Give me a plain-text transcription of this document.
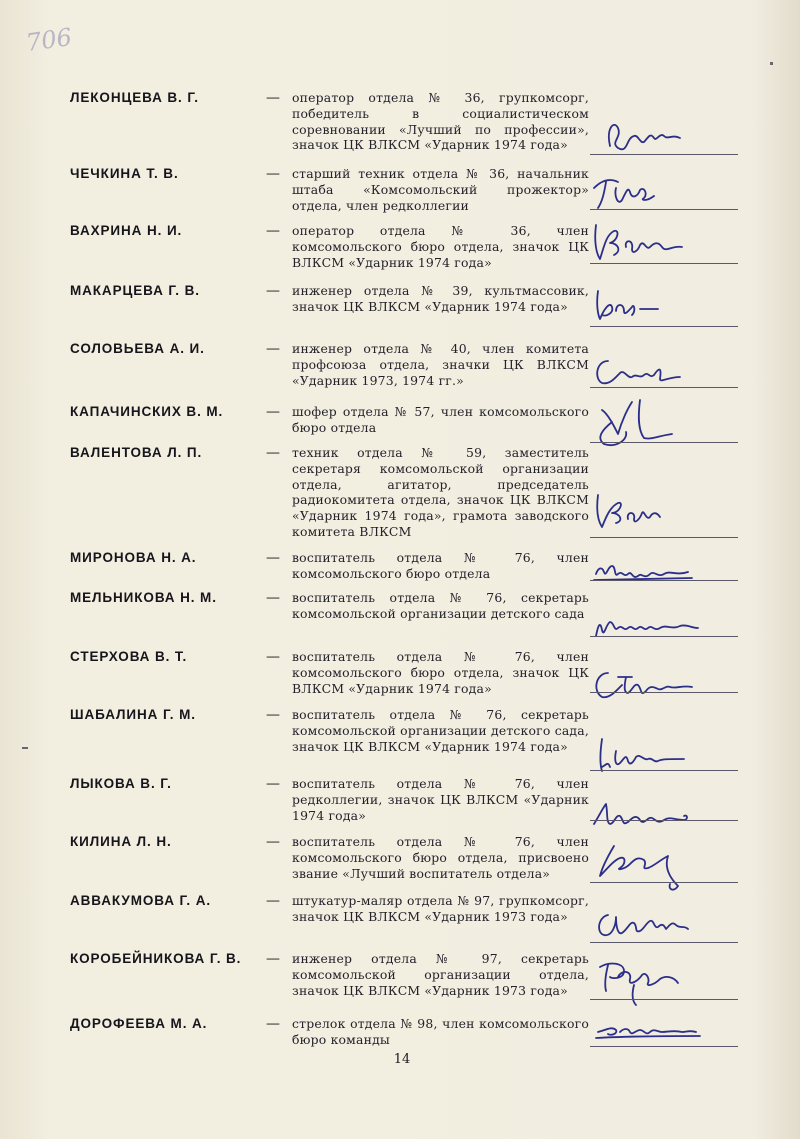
706
ЛЕКОНЦЕВА В. Г.	— оператор отдела № 36, групкомсорг, победитель в социалистическом соревновании «Лучший по профессии», значок ЦК ВЛКСМ «Ударник 1974 года»
ЧЕЧКИНА Т. В.	— старший техник отдела № 36, начальник штаба «Комсомольский прожектор» отдела, член редколлегии
ВАХРИНА Н. И.	— оператор отдела № 36, член комсомольского бюро отдела, значок ЦК ВЛКСМ «Ударник 1974 года»
МАКАРЦЕВА Г. В.	— инженер отдела № 39, культмассовик, значок ЦК ВЛКСМ «Ударник 1974 года»
СОЛОВЬЕВА А. И.	— инженер отдела № 40, член комитета профсоюза отдела, значки ЦК ВЛКСМ «Ударник 1973, 1974 гг.»
КАПАЧИНСКИХ В. М.	— шофер отдела № 57, член комсомольского бюро отдела
ВАЛЕНТОВА Л. П.	— техник отдела № 59, заместитель секретаря комсомольской организации отдела, агитатор, председатель радиокомитета отдела, значок ЦК ВЛКСМ «Ударник 1974 года», грамота заводского комитета ВЛКСМ
МИРОНОВА Н. А.	— воспитатель отдела № 76, член комсомольского бюро отдела
МЕЛЬНИКОВА Н. М.	— воспитатель отдела № 76, секретарь комсомольской организации детского сада
СТЕРХОВА В. Т.	— воспитатель отдела № 76, член комсомольского бюро отдела, значок ЦК ВЛКСМ «Ударник 1974 года»
ШАБАЛИНА Г. М.	— воспитатель отдела № 76, секретарь комсомольской организации детского сада, значок ЦК ВЛКСМ «Ударник 1974 года»
ЛЫКОВА В. Г.	— воспитатель отдела № 76, член редколлегии, значок ЦК ВЛКСМ «Ударник 1974 года»
КИЛИНА Л. Н.	— воспитатель отдела № 76, член комсомольского бюро отдела, присвоено звание «Лучший воспитатель отдела»
АВВАКУМОВА Г. А.	— штукатур-маляр отдела № 97, групкомсорг, значок ЦК ВЛКСМ «Ударник 1973 года»
КОРОБЕЙНИКОВА Г. В.	— инженер отдела № 97, секретарь комсомольской организации отдела, значок ЦК ВЛКСМ «Ударник 1973 года»
ДОРОФЕЕВА М. А.	— стрелок отдела № 98, член комсомольского бюро команды
14
